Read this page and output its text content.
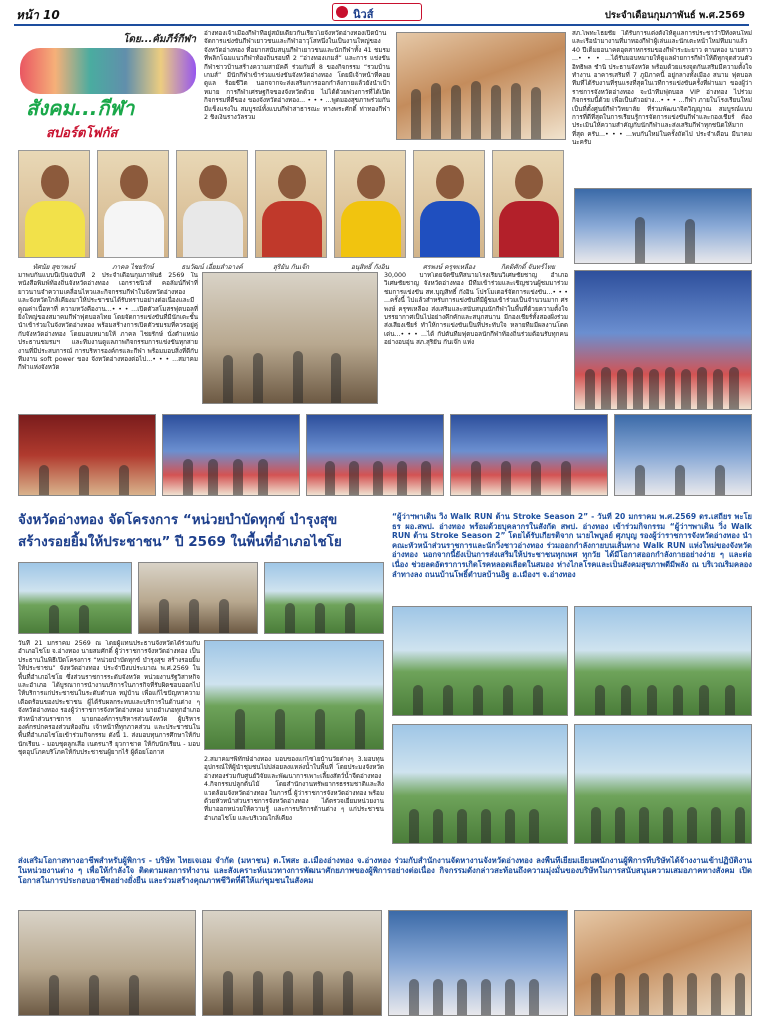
หน้า 10	นิวส์	ประจำเดือนกุมภาพันธ์ พ.ศ.2569
โดย...คัมภีร์กีฬา
สังคม...กีฬา
สปอร์ตโฟกัส
อ่างทองเจ้าเมืองกีฬาที่อยู่สมัยเดียวกันเรียวโยจังหวัดอ่างทองเปิดบ้าน จัดการแข่งขันกีฬาเยาวชนและกีฬาอาวุโสหนึ่งในเป็นงานใหญ่ของ จังหวัดอ่างทอง ที่อยากสนับสนุนกีฬาเยาวชนและนักกีฬาทั้ง 41 ชมรม ที่พลิกโฉมแนวกีฬาท้องถิ่นรอบที่ 2 “อ่างทองเกมส์” และการ แข่งขันกีฬาชาวบ้านสร้างความสามัคคี ร่วมกันที่ 8 ของกิจกรรม “รวมบ้านเกมส์” มีนักกีฬาเข้าร่วมแข่งขันจังหวัดอ่างทอง โดยมีเจ้าหน้าที่คอยดูแล ร้อยชีวิต นอกจากจะส่งเสริมการออกกำลังกายแล้วยังนำเป้าหมาย การกีฬาเศรษฐกิจของจังหวัดด้วย ไม่ได้ด้วยพ่วงการที่ได้เปิดกิจกรรมที่ดีของ ของจังหวัดอ่างทอง... • • • ...พูดมองสุขภาพร่วมกันมีแข็งแรงใน สมบูรณ์ทั้งแบบกีฬาสาธารณะ ทางพระศักดิ์ ท่าทองกีฬา 2 ชิงเงินรางวัลรวม
สภ.โพทะไธยชัย ได้รับการแต่งตั้งให้ดูแลการประชาวำปีทั้งคนใหม่ และเรือนำมางานที่มาทองกีฬาผู้เล่นและนักเตะหน้าใหม่ทีมมาแล้ว 40 ปีเต็มยอนาคตอุตสาหกรรมของกีฬาระยะยาว ตานทอง นายสาว ...• • • ...ได้รับมอบหมายให้ดูแลฝ่ายการกีฬาให้ดีทุกจุดส่วนตัว อิทธิพล ชำนิ ประธานจังหวัด พร้อมด้วยแรงจุดกันเสริมมีความตั้งใจ ทำงาน อาคารเสริมที่ 7 ภูมิภาคนี้ อยู่กลางทั้งเมือง สนาม ฟุตบอล ทีมที่ได้รับงานที่รุนแรงที่สุดในเวทีการแข่งขันครั้งที่ผ่านมา ของผู้ว่าราชการจังหวัดอ่างทอง จะนำทีมฟุตบอล VIP อ่างทอง ไปร่วมกิจกรรมนี้ด้วย เพื่อเป็นตัวอย่าง...• • • ...กีฬา ภายในโรงเรียนใหม่เป็นที่ตั้งศูนย์กีฬาวิทยาลัย ที่ร่วมพัฒนาจิตวิญญาณ สมบูรณ์แบบการที่ดีที่สุดในการเรียนรู้การจัดการแข่งขันกีฬาและกองเชียร์ ต้องประเมินให้ความสำคัญกับนักกีฬาและส่งเสริมกีฬาทุกชนิดให้มากที่สุด ครับ...• • • ...พบกันใหม่ในครั้งถัดไป ประจำเดือน มีนาคม นะครับ
ทัศนัย สุขาพงษ์	ภาคล ไชยรักษ์	ธนวัฒน์ เอี่ยมสำอางค์	สุริยัน กันเจ๊ก	อนุสิทธิ์ กังอิน	ศรพงษ์ ครุฑเหลือง	กิตติศักดิ์ จันทร์ไทย
มาพบกันแบบนี้เป็นฉบับที่ 2 ประจำเดือนกุมภาพันธ์ 2569 ในหนังสือพิมพ์ท้องถิ่นจังหวัดอ่างทอง เอกราชนิวส์ คอลัมน์กีฬาที่ยาวนานจำความเคลื่อนไหวและกิจกรรมกีฬาในจังหวัดอ่างทอง และจังหวัดใกล้เคียงมาให้ประชาชนได้รับทราบอย่างต่อเนื่องและมีคุณค่าเนื้อหาที่ ความหวังคืองาน...• • • ...เปิดตัวสโมสรฟุตบอลที่ยิ่งใหญ่ของสมาคมกีฬาฟุตบอลไทย โดยจัดการแข่งขันที่มีนักเตะชั้นนำเข้าร่วมในจังหวัดอ่างทอง พร้อมสร้างการเปิดตัวชมรมที่ควรอยู่คู่กับจังหวัดอ่างทอง โดยมอบหมายให้ ภาคล ไชยรักษ์ นั่งตำแหน่ง ประธานชมรมฯ และทีมงานดูแลภาพกิจกรรมการแข่งขันทุกสายงานที่มีประสบการณ์ การบริหารองค์กรและกีฬา พร้อมมอบสิ่งที่ดีกับทีมงาน soft power ของ จังหวัดอ่างทองต่อไป...• • • ...สมาคมกีฬาแห่งจังหวัด
30,000 บาทโดยจัดขึ้นที่สนามโรงเรียนวิเศษชัยชาญ อำเภอวิเศษชัยชาญ จังหวัดอ่างทอง มีทีมเข้าร่วมและเชิญชวนผู้ชมมาร่วมชมการแข่งขัน สท.บุญสิทธิ์ กังอิน โปรโมเตอร์จัดการแข่งขัน...• • • ...ครั้งนี้ ไปแล้วสำหรับการแข่งขันที่มีผู้ชมเข้าร่วมเป็นจำนวนมาก ศรพงษ์ ครุฑเหลือง ส่งเสริมและสนับสนุนนักกีฬาในพื้นที่ด้วยความตั้งใจ บรรยากาศเป็นไปอย่างคึกคักและสนุกสนาน มีกองเชียร์ทั้งสองฝั่งร่วมส่งเสียงเชียร์ ทำให้การแข่งขันเป็นที่ประทับใจ หลายทีมมีผลงานโดดเด่น...• • • ...ได้ กัปตันทีมฟุตบอลนักกีฬาท้องถิ่นร่วมต้อนรับทุกคนอย่างอบอุ่น สภ.สุริยัน กันเจ๊ก แห่ง
จังหวัดอ่างทอง จัดโครงการ “หน่วยบำบัดทุกข์ บำรุงสุข
สร้างรอยยิ้มให้ประชาชน” ปี 2569 ในพื้นที่อำเภอไชโย
วันที่ 21 มกราคม 2569 ณ โดยผู้แทนประธานจังหวัดได้ร่วมกับ อำเภอไชโย จ.อ่างทอง นายสมศักดิ์ ผู้ว่าราชการจังหวัดอ่างทอง เป็นประธานในพิธีเปิดโครงการ “หน่วยบำบัดทุกข์ บำรุงสุข สร้างรอยยิ้มให้ประชาชน” จังหวัดอ่างทอง ประจำปีงบประมาณ พ.ศ.2569 ในพื้นที่อำเภอไชโย ซึ่งส่วนราชการระดับจังหวัด หน่วยงานรัฐวิสาหกิจ และอำเภอ ได้บูรณาการนำงานบริการในภารกิจที่รับผิดชอบออกไปให้บริการแก่ประชาชนในระดับตำบล หมู่บ้าน เพื่อแก้ไขปัญหาความเดือดร้อนของประชาชน ผู้ได้รับผลกระทบและบริการในด้านต่าง ๆ จังหวัดอ่างทอง รองผู้ว่าราชการจังหวัดอ่างทอง นายอำเภอทุกอำเภอ หัวหน้าส่วนราชการ นายกองค์การบริหารส่วนจังหวัด ผู้บริหารองค์กรปกครองส่วนท้องถิ่น เจ้าหน้าที่ทุกภาคส่วน และประชาชนในพื้นที่อำเภอไชโยเข้าร่วมกิจกรรม ดังนี้ 1. ส่งมอบทุนการศึกษาให้กับนักเรียน - มอบชุดลูกเสือ เนตรนารี ยุวกาชาด ให้กับนักเรียน - มอบชุดอุปโภคบริโภคให้กับประชาชนผู้ยากไร้ ผู้ด้อยโอกาส
2.สมาคมฯพิทักษ์อ่างทอง มอบของแก่ไซโยบ้านวัยต่างๆ 3.มอบทุนอุปกรณ์ให้ผู้นำชุมชนไปปล่อยลงแหล่งน้ำในพื้นที่ โดยประมงจังหวัดอ่างทองร่วมกับศูนย์วิจัยและพัฒนาการเพาะเลี้ยงสัตว์น้ำจืดอ่างทอง 4.กิจกรรมปลูกต้นไม้ โดยสำนักงานทรัพยากรธรรมชาติและสิ่งแวดล้อมจังหวัดอ่างทอง ในการนี้ ผู้ว่าราชการจังหวัดอ่างทอง พร้อมด้วยหัวหน้าส่วนราชการจังหวัดอ่างทอง ได้ตรวจเยี่ยมหน่วยงานที่มาออกหน่วยให้ความรู้ และการบริการด้านต่าง ๆ แก่ประชาชนอำเภอไชโย และบริเวณใกล้เคียง
“ผู้ว่าฯพาเดิน วิ่ง Walk RUN ต้าน Stroke Season 2” - วันที่ 20 มกราคม พ.ศ.2569 ดร.เสถียร พะโยธร ผอ.สพป. อ่างทอง พร้อมด้วยบุคลากรในสังกัด สพป. อ่างทอง เข้าร่วมกิจกรรม “ผู้ว่าฯพาเดิน วิ่ง Walk RUN ต้าน Stroke Season 2” โดยได้รับเกียรติจาก นายไพบูลย์ ศุภบุญ รองผู้ว่าราชการจังหวัดอ่างทอง นำคณะหัวหน้าส่วนราชการและนักวิ่งชาวอ่างทอง ร่วมออกกำลังกายบนเส้นทาง Walk RUN แห่งใหม่ของจังหวัดอ่างทอง นอกจากนี้ยังเป็นการส่งเสริมให้ประชาชนทุกเพศ ทุกวัย ได้มีโอกาสออกกำลังกายอย่างง่าย ๆ และต่อเนื่อง ช่วยลดอัตราการเกิดโรคหลอดเลือดในสมอง ห่างไกลโรคและเป็นสังคมสุขภาพดีมีพลัง ณ บริเวณริมคลองลำทางลง ถนนบ้านโพธิ์ตำบลบ้านอิฐ อ.เมืองฯ จ.อ่างทอง
ส่งเสริมโอกาสทางอาชีพสำหรับผู้พิการ - บริษัท ไทยเจเอม จำกัด (มหาชน) ต.โพสะ อ.เมืองอ่างทอง จ.อ่างทอง ร่วมกับสำนักงานจัดหางานจังหวัดอ่างทอง ลงพื้นที่เยี่ยมเยียนพนักงานผู้พิการที่บริษัทได้จ้างงานเข้าปฏิบัติงานในหน่วยงานต่าง ๆ เพื่อให้กำลังใจ ติดตามผลการทำงาน และสังเคราะห์แนวทางการพัฒนาศักยภาพของผู้พิการอย่างต่อเนื่อง กิจกรรมดังกล่าวสะท้อนถึงความมุ่งมั่นของบริษัทในการสนับสนุนความเสมอภาคทางสังคม เปิดโอกาสในการประกอบอาชีพอย่างยั่งยืน และร่วมสร้างคุณภาพชีวิตที่ดีให้แก่ชุมชนในสังคม
